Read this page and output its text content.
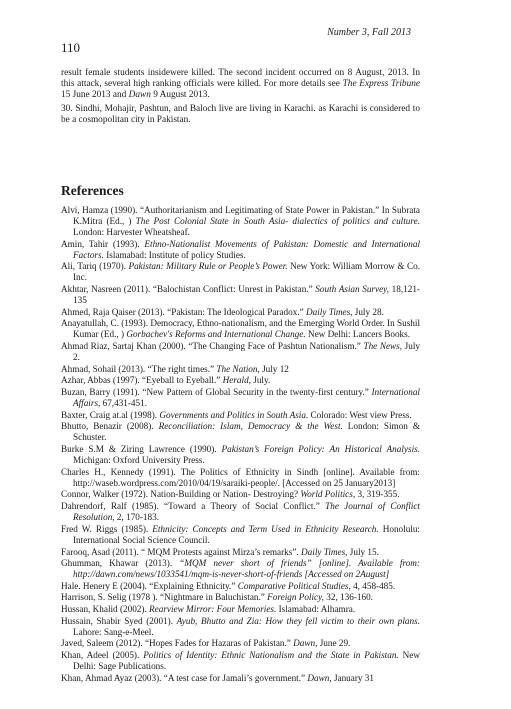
Number 3, Fall 2013
110

result female students insidewere killed. The second incident occurred on 8 August, 2013. In this attack, several high ranking officials were killed. For more details see The Express Tribune 15 June 2013 and Dawn 9 August 2013.

30. Sindhi, Mohajir, Pashtun, and Baloch live are living in Karachi. as Karachi is considered to be a cosmopolitan city in Pakistan.

References
Alvi, Hamza (1990). “Authoritarianism and Legitimating of State Power in Pakistan.” In Subrata K.Mitra (Ed., ) The Post Colonial State in South Asia- dialectics of politics and culture. London: Harvester Wheatsheaf.
Amin, Tahir (1993). Ethno-Nationalist Movements of Pakistan: Domestic and International Factors. Islamabad: Institute of policy Studies.
Ali, Tariq (1970). Pakistan: Military Rule or People’s Power. New York: William Morrow & Co. Inc.
Akhtar, Nasreen (2011). “Balochistan Conflict: Unrest in Pakistan.” South Asian Survey, 18,121-135
Ahmed, Raja Qaiser (2013). “Pakistan: The Ideological Paradox.” Daily Times, July 28.
Anayatullah, C. (1993). Democracy, Ethno-nationalism, and the Emerging World Order. In Sushil Kumar (Ed., ) Gorbachev's Reforms and International Change. New Delhi: Lancers Books.
Ahmad Riaz, Sartaj Khan (2000). “The Changing Face of Pashtun Nationalism.” The News, July 2.
Ahmad, Sohail (2013). “The right times.” The Nation, July 12
Azhar, Abbas (1997). “Eyeball to Eyeball.” Herald, July.
Buzan, Barry (1991). “New Pattern of Global Security in the twenty-first century.” International Affairs, 67,431-451.
Baxter, Craig at.al (1998). Governments and Politics in South Asia. Colorado: West view Press.
Bhutto, Benazir (2008). Reconciliation: Islam, Democracy & the West. London: Simon & Schuster.
Burke S.M & Ziring Lawrence (1990). Pakistan’s Foreign Policy: An Historical Analysis. Michigan: Oxford University Press.
Charles H., Kennedy (1991). The Politics of Ethnicity in Sindh [online]. Available from: http://waseb.wordpress.com/2010/04/19/saraiki-people/. [Accessed on 25 January2013]
Connor, Walker (1972). Nation-Building or Nation- Destroying? World Politics, 3, 319-355.
Dahrendorf, Ralf (1985). “Toward a Theory of Social Conflict.” The Journal of Conflict Resolution, 2, 170-183.
Fred W. Riggs (1985). Ethnicity: Concepts and Term Used in Ethnicity Research. Honolulu: International Social Science Council.
Farooq, Asad (2011). “ MQM Protests against Mirza’s remarks”. Daily Times, July 15.
Ghumman, Khawar (2013). “MQM never short of friends” [online]. Available from: http://dawn.com/news/1033541/mqm-is-never-short-of-friends [Accessed on 2August]
Hale. Henery E (2004). “Explaining Ethnicity.” Comparative Political Studies, 4, 458-485.
Harrison, S. Selig (1978 ). “Nightmare in Baluchistan.” Foreign Policy, 32, 136-160.
Hussan, Khalid (2002). Rearview Mirror: Four Memories. Islamabad: Alhamra.
Hussain, Shabir Syed (2001). Ayub, Bhutto and Zia: How they fell victim to their own plans. Lahore: Sang-e-Meel.
Javed, Saleem (2012). “Hopes Fades for Hazaras of Pakistan.” Dawn, June 29.
Khan, Adeel (2005). Politics of Identity: Ethnic Nationalism and the State in Pakistan. New Delhi: Sage Publications.
Khan, Ahmad Ayaz (2003). “A test case for Jamali’s government.” Dawn, January 31
